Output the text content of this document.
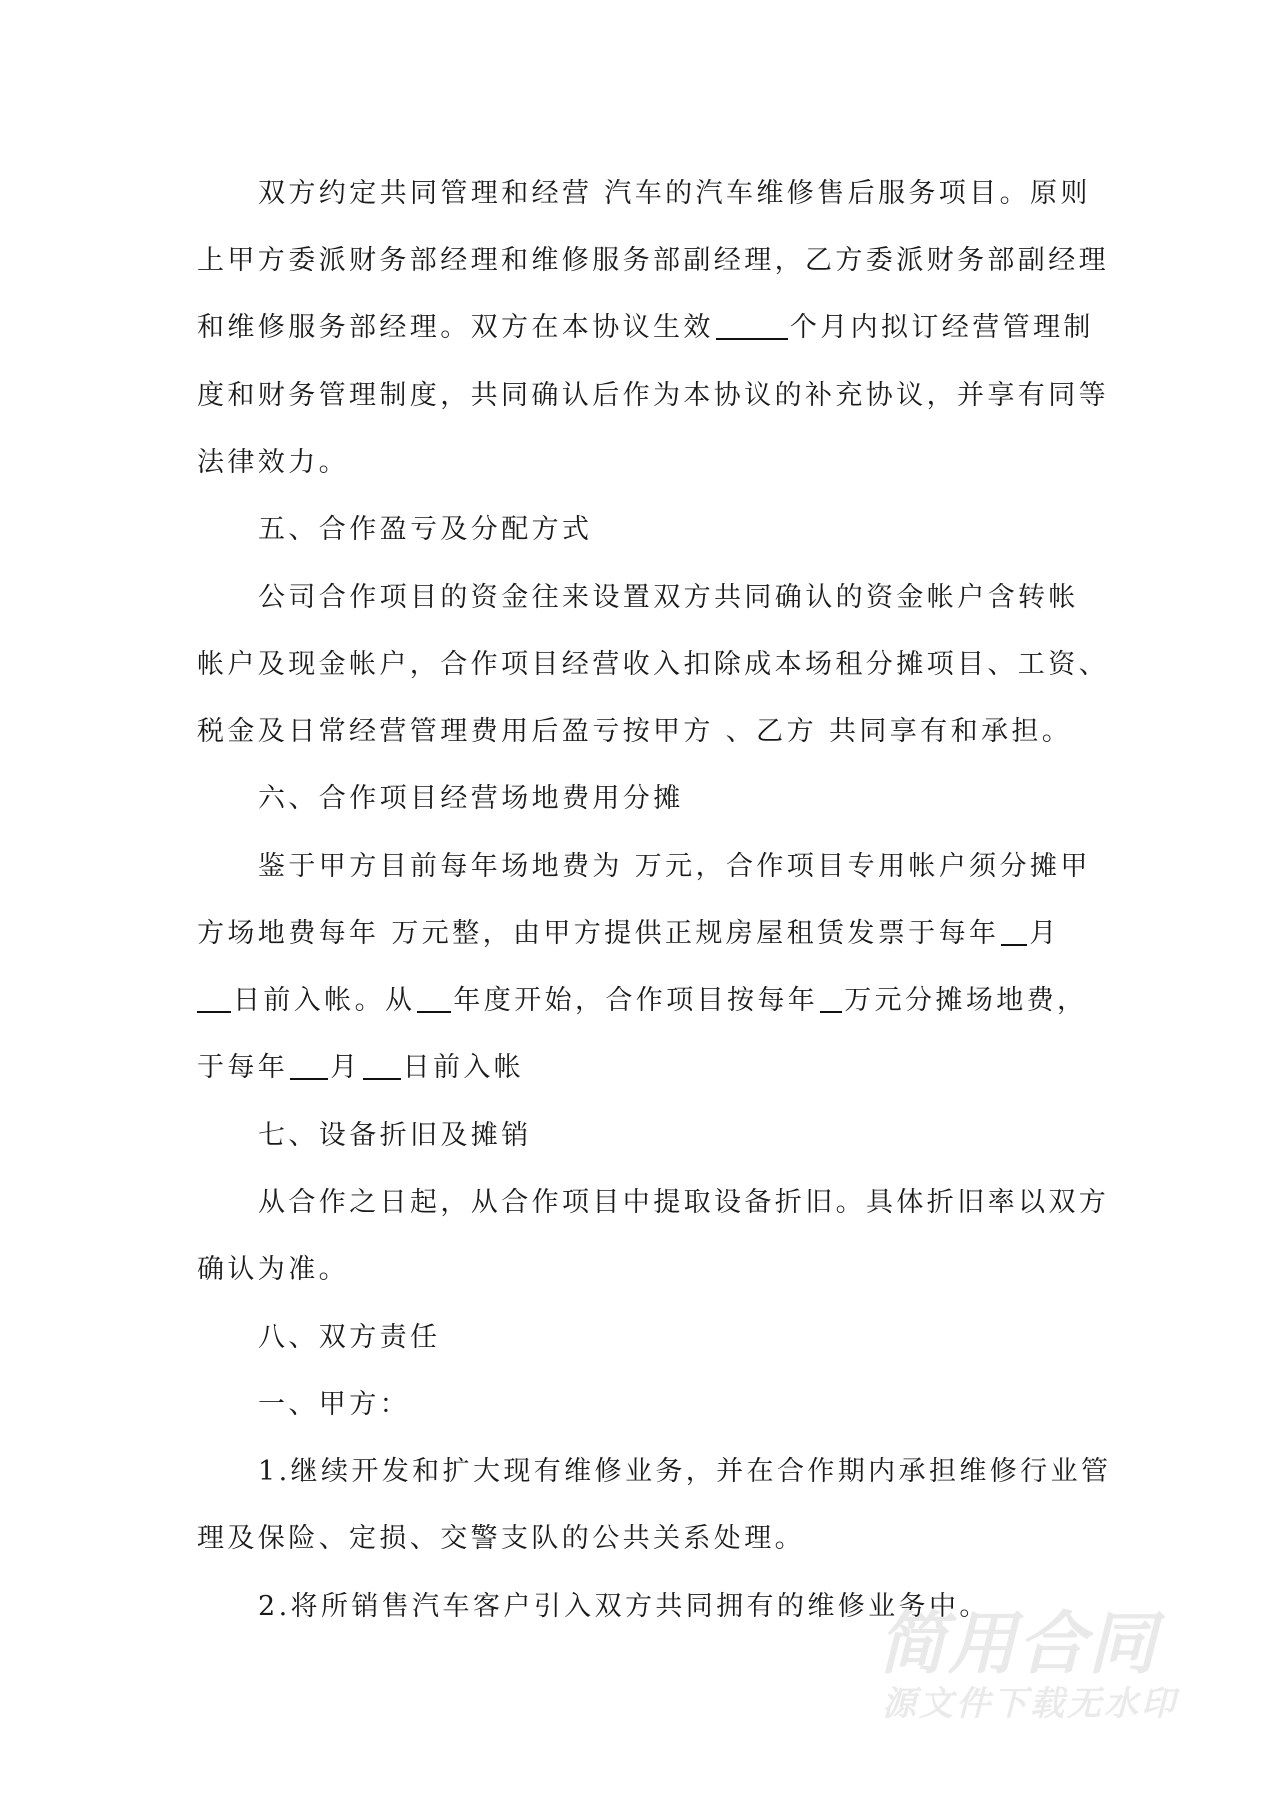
双方约定共同管理和经营 汽车的汽车维修售后服务项目。原则
上甲方委派财务部经理和维修服务部副经理，乙方委派财务部副经理
和维修服务部经理。双方在本协议生效	个月内拟订经营管理制
度和财务管理制度，共同确认后作为本协议的补充协议，并享有同等
法律效力。
五、合作盈亏及分配方式
公司合作项目的资金往来设置双方共同确认的资金帐户含转帐
帐户及现金帐户，合作项目经营收入扣除成本场租分摊项目、工资、
税金及日常经营管理费用后盈亏按甲方 、乙方 共同享有和承担。
六、合作项目经营场地费用分摊
鉴于甲方目前每年场地费为 万元，合作项目专用帐户须分摊甲
方场地费每年 万元整，由甲方提供正规房屋租赁发票于每年 月
日前入帐。从 年度开始，合作项目按每年 万元分摊场地费，
于每年 月 日前入帐
七、设备折旧及摊销
从合作之日起，从合作项目中提取设备折旧。具体折旧率以双方
确认为准。
八、双方责任
一、甲方：
1.继续开发和扩大现有维修业务，并在合作期内承担维修行业管
理及保险、定损、交警支队的公共关系处理。
2.将所销售汽车客户引入双方共同拥有的维修业务中。
简用合同
源文件下载无水印
